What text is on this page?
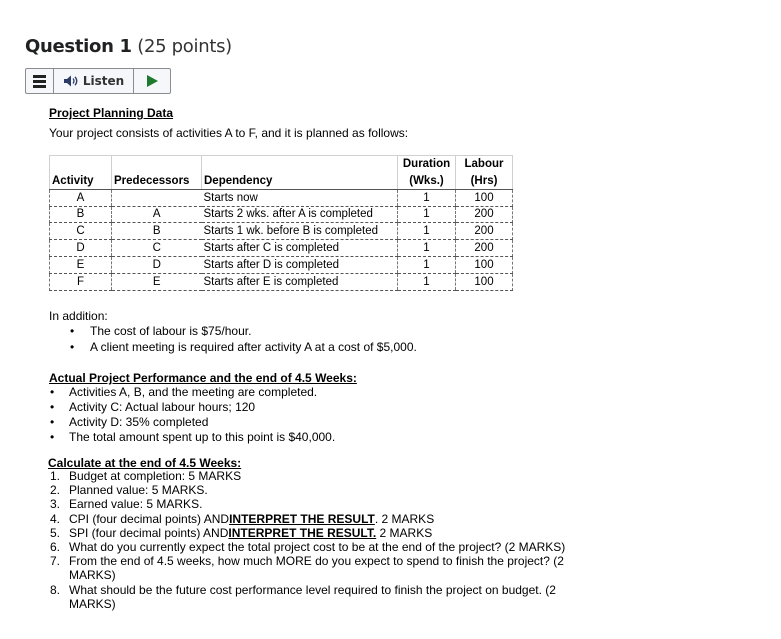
Question 1 (25 points)
Listen
Project Planning Data
Your project consists of activities A to F, and it is planned as follows:
			Duration	Labour
Activity	Predecessors	Dependency	(Wks.)	(Hrs)
A		Starts now	1	100
B	A	Starts 2 wks. after A is completed	1	200
C	B	Starts 1 wk. before B is completed	1	200
D	C	Starts after C is completed	1	200
E	D	Starts after D is completed	1	100
F	E	Starts after E is completed	1	100
In addition:
• The cost of labour is $75/hour.
• A client meeting is required after activity A at a cost of $5,000.
Actual Project Performance and the end of 4.5 Weeks:
• Activities A, B, and the meeting are completed.
• Activity C: Actual labour hours; 120
• Activity D: 35% completed
• The total amount spent up to this point is $40,000.
Calculate at the end of 4.5 Weeks:
1. Budget at completion: 5 MARKS
2. Planned value: 5 MARKS.
3. Earned value: 5 MARKS.
4. CPI (four decimal points) ANDINTERPRET THE RESULT. 2 MARKS
5. SPI (four decimal points) ANDINTERPRET THE RESULT. 2 MARKS
6. What do you currently expect the total project cost to be at the end of the project? (2 MARKS)
7. From the end of 4.5 weeks, how much MORE do you expect to spend to finish the project? (2 MARKS)
8. What should be the future cost performance level required to finish the project on budget. (2 MARKS)
